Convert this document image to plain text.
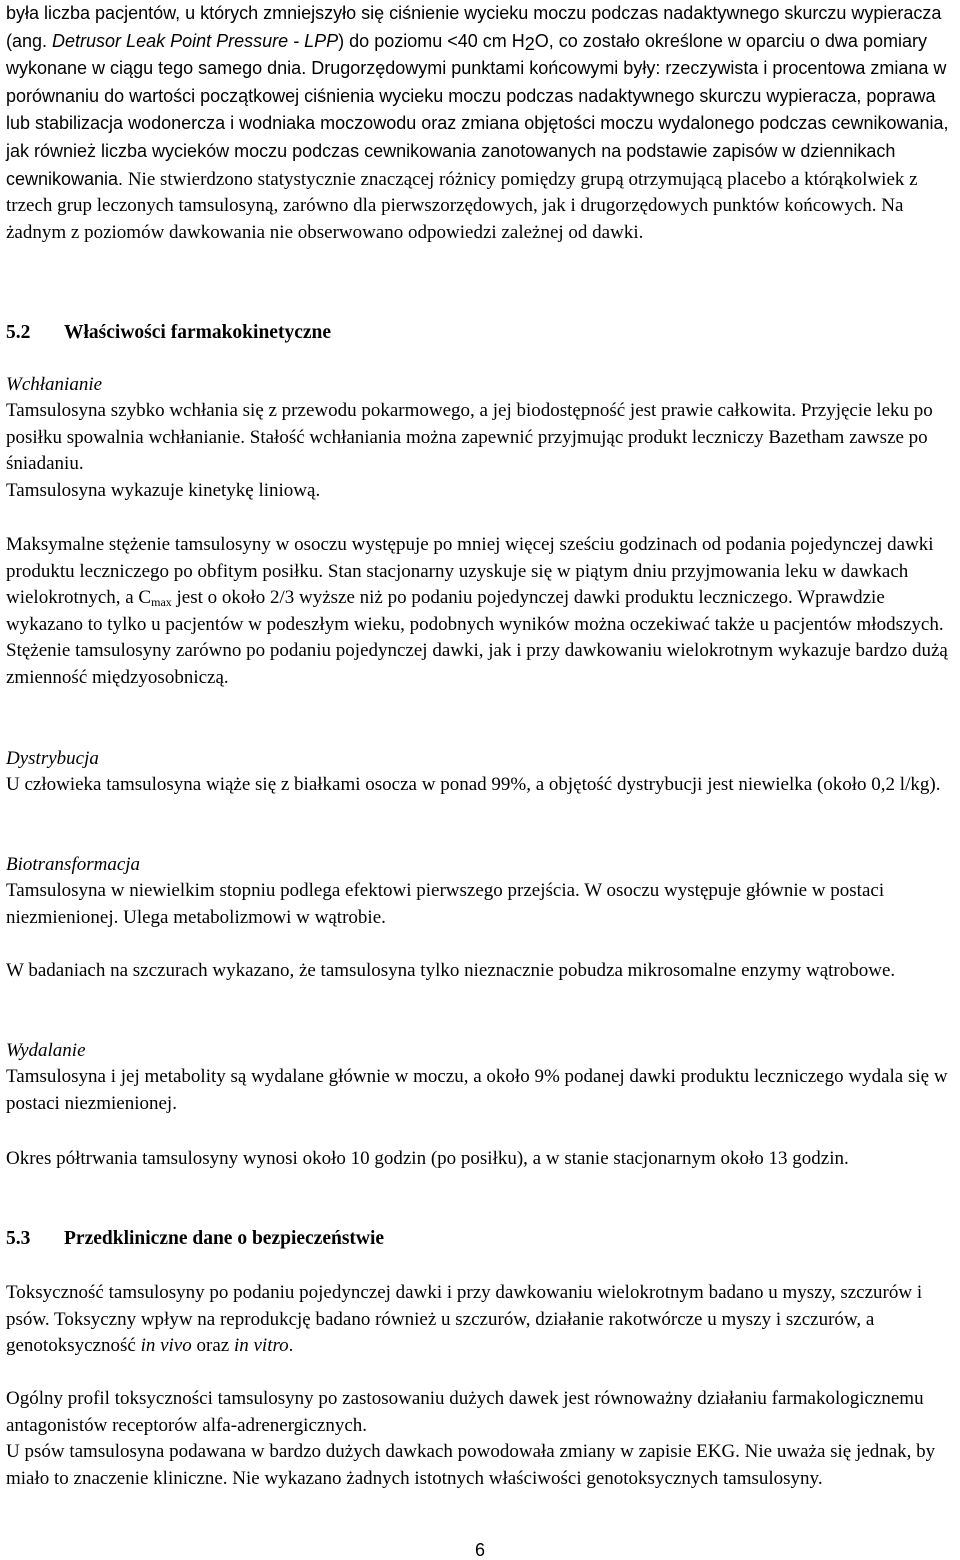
była liczba pacjentów, u których zmniejszyło się ciśnienie wycieku moczu podczas nadaktywnego skurczu wypieracza (ang. Detrusor Leak Point Pressure - LPP) do poziomu <40 cm $H_2O$, co zostało określone w oparciu o dwa pomiary wykonane w ciągu tego samego dnia. Drugorzędowymi punktami końcowymi były: rzeczywista i procentowa zmiana w porównaniu do wartości początkowej ciśnienia wycieku moczu podczas nadaktywnego skurczu wypieracza, poprawa lub stabilizacja wodonercza i wodniaka moczowodu oraz zmiana objętości moczu wydalonego podczas cewnikowania, jak również liczba wycieków moczu podczas cewnikowania zanotowanych na podstawie zapisów w dziennikach cewnikowania. Nie stwierdzono statystycznie znaczącej różnicy pomiędzy grupą otrzymującą placebo a którąkolwiek z trzech grup leczonych tamsulosyną, zarówno dla pierwszorzędowych, jak i drugorzędowych punktów końcowych. Na żadnym z poziomów dawkowania nie obserwowano odpowiedzi zależnej od dawki.

5.2 Właściwości farmakokinetyczne

Wchłanianie

Tamsulosyna szybko wchłania się z przewodu pokarmowego, a jej biodostępność jest prawie całkowita. Przyjęcie leku po posiłku spowalnia wchłanianie. Stałość wchłaniania można zapewnić przyjmując produkt leczniczy Bazetham zawsze po śniadaniu.
Tamsulosyna wykazuje kinetykę liniową.

Maksymalne stężenie tamsulosyny w osoczu występuje po mniej więcej sześciu godzinach od podania pojedynczej dawki produktu leczniczego po obfitym posiłku. Stan stacjonarny uzyskuje się w piątym dniu przyjmowania leku w dawkach wielokrotnych, a $C_{max}$ jest o około 2/3 wyższe niż po podaniu pojedynczej dawki produktu leczniczego. Wprawdzie wykazano to tylko u pacjentów w podeszłym wieku, podobnych wyników można oczekiwać także u pacjentów młodszych.
Stężenie tamsulosyny zarówno po podaniu pojedynczej dawki, jak i przy dawkowaniu wielokrotnym wykazuje bardzo dużą zmienność międzyosobniczą.

Dystrybucja

U człowieka tamsulosyna wiąże się z białkami osocza w ponad 99%, a objętość dystrybucji jest niewielka (około 0,2 l/kg).

Biotransformacja

Tamsulosyna w niewielkim stopniu podlega efektowi pierwszego przejścia. W osoczu występuje głównie w postaci niezmienionej. Ulega metabolizmowi w wątrobie.

W badaniach na szczurach wykazano, że tamsulosyna tylko nieznacznie pobudza mikrosomalne enzymy wątrobowe.

Wydalanie

Tamsulosyna i jej metabolity są wydalane głównie w moczu, a około 9% podanej dawki produktu leczniczego wydala się w postaci niezmienionej.

Okres półtrwania tamsulosyny wynosi około 10 godzin (po posiłku), a w stanie stacjonarnym około 13 godzin.

5.3 Przedkliniczne dane o bezpieczeństwie

Toksyczność tamsulosyny po podaniu pojedynczej dawki i przy dawkowaniu wielokrotnym badano u myszy, szczurów i psów. Toksyczny wpływ na reprodukcję badano również u szczurów, działanie rakotwórcze u myszy i szczurów, a genotoksyczność in vivo oraz in vitro.

Ogólny profil toksyczności tamsulosyny po zastosowaniu dużych dawek jest równoważny działaniu farmakologicznemu antagonistów receptorów alfa-adrenergicznych.
U psów tamsulosyna podawana w bardzo dużych dawkach powodowała zmiany w zapisie EKG. Nie uważa się jednak, by miało to znaczenie kliniczne. Nie wykazano żadnych istotnych właściwości genotoksycznych tamsulosyny.

6
